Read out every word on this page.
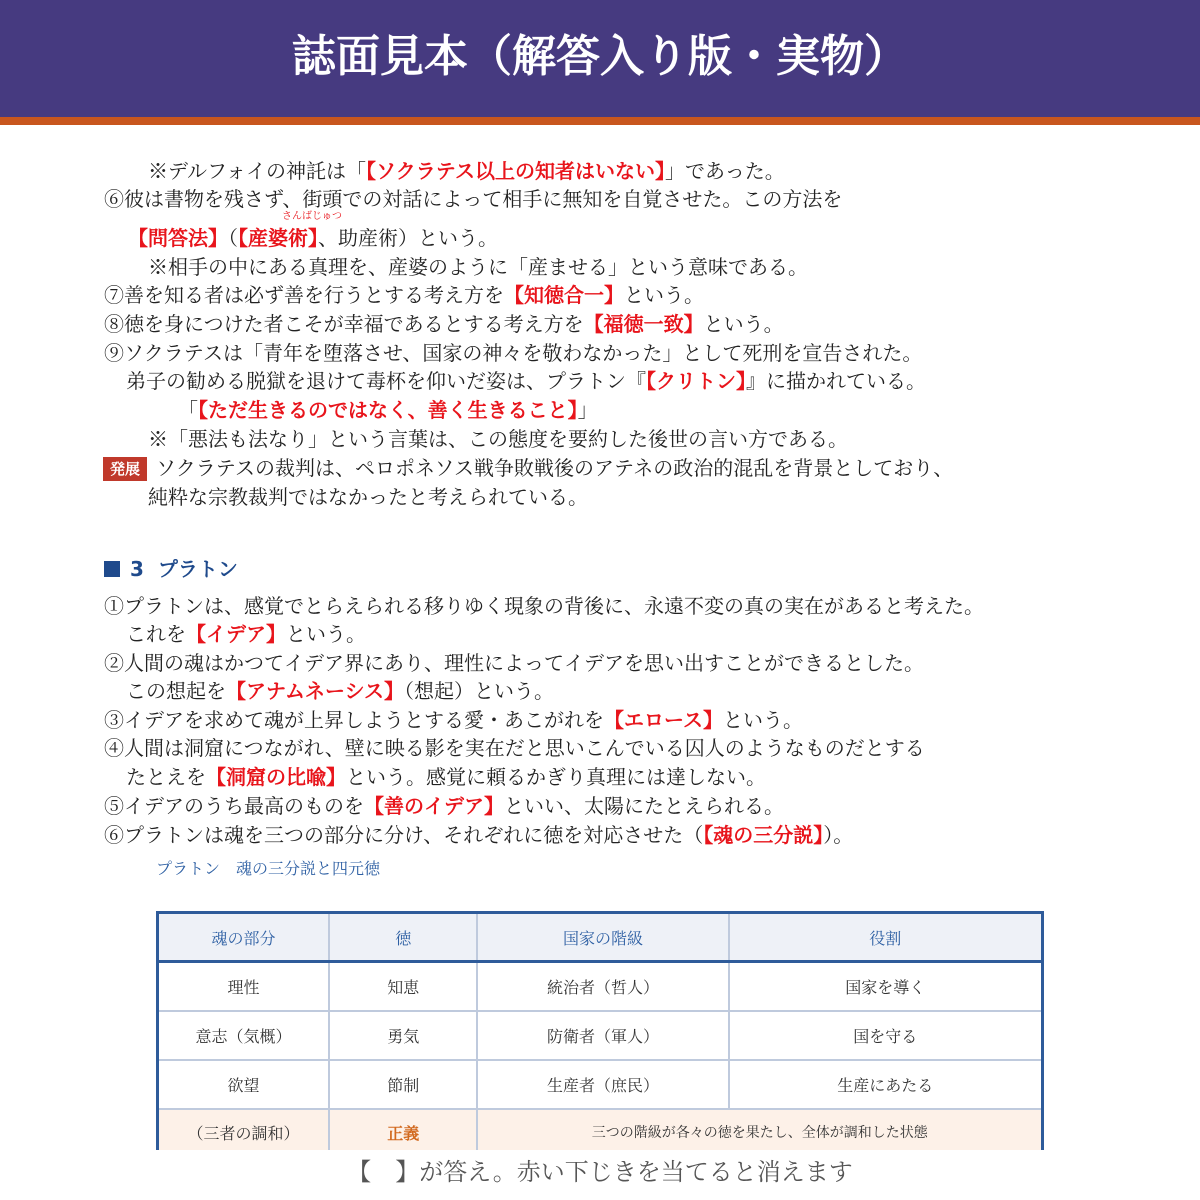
誌面見本（解答入り版・実物）
※デルフォイの神託は「【ソクラテス以上の知者はいない】」であった。
⑥彼は書物を残さず、街頭での対話によって相手に無知を自覚させた。この方法を
さんばじゅつ
【問答法】（【産婆術】、助産術）という。
※相手の中にある真理を、産婆のように「産ませる」という意味である。
⑦善を知る者は必ず善を行うとする考え方を【知徳合一】という。
⑧徳を身につけた者こそが幸福であるとする考え方を【福徳一致】という。
⑨ソクラテスは「青年を堕落させ、国家の神々を敬わなかった」として死刑を宣告された。
弟子の勧める脱獄を退けて毒杯を仰いだ姿は、プラトン『【クリトン】』に描かれている。
「【ただ生きるのではなく、善く生きること】」
※「悪法も法なり」という言葉は、この態度を要約した後世の言い方である。
発展 ソクラテスの裁判は、ペロポネソス戦争敗戦後のアテネの政治的混乱を背景としており、
純粋な宗教裁判ではなかったと考えられている。
3 プラトン
①プラトンは、感覚でとらえられる移りゆく現象の背後に、永遠不変の真の実在があると考えた。
これを【イデア】という。
②人間の魂はかつてイデア界にあり、理性によってイデアを思い出すことができるとした。
この想起を【アナムネーシス】（想起）という。
③イデアを求めて魂が上昇しようとする愛・あこがれを【エロース】という。
④人間は洞窟につながれ、壁に映る影を実在だと思いこんでいる囚人のようなものだとする
たとえを【洞窟の比喩】という。感覚に頼るかぎり真理には達しない。
⑤イデアのうち最高のものを【善のイデア】といい、太陽にたとえられる。
⑥プラトンは魂を三つの部分に分け、それぞれに徳を対応させた（【魂の三分説】）。
プラトン　魂の三分説と四元徳
魂の部分	徳	国家の階級	役割
理性	知恵	統治者（哲人）	国家を導く
意志（気概）	勇気	防衛者（軍人）	国を守る
欲望	節制	生産者（庶民）	生産にあたる
（三者の調和）	正義	三つの階級が各々の徳を果たし、全体が調和した状態	
【　】が答え。赤い下じきを当てると消えます
